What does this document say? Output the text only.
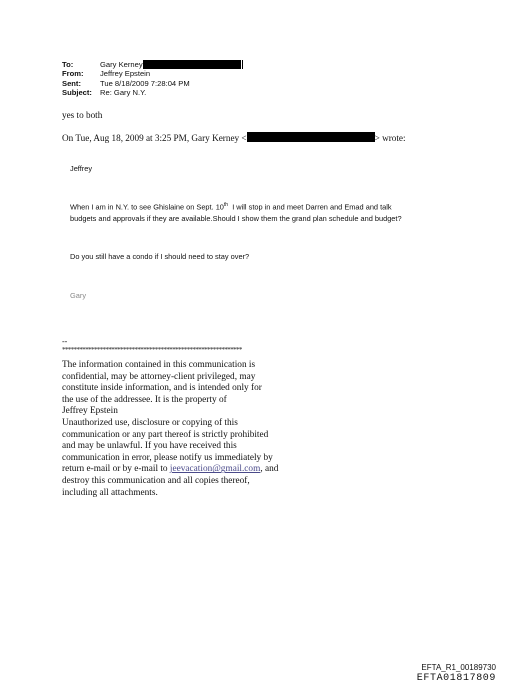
To:	Gary Kerney
From:	Jeffrey Epstein
Sent:	Tue 8/18/2009 7:28:04 PM
Subject:	Re: Gary N.Y.
yes to both
On Tue, Aug 18, 2009 at 3:25 PM, Gary Kerney <	> wrote:
Jeffrey
When I am in N.Y. to see Ghislaine on Sept. 10th  I will stop in and meet Darren and Emad and talk
budgets and approvals if they are available.Should I show them the grand plan schedule and budget?
Do you still have a condo if I should need to stay over?
Gary
--
**************************************************************
The information contained in this communication is
confidential, may be attorney-client privileged, may
constitute inside information, and is intended only for
the use of the addressee. It is the property of
Jeffrey Epstein
Unauthorized use, disclosure or copying of this
communication or any part thereof is strictly prohibited
and may be unlawful. If you have received this
communication in error, please notify us immediately by
return e-mail or by e-mail to jeevacation@gmail.com, and
destroy this communication and all copies thereof,
including all attachments.
EFTA_R1_00189730
EFTA01817809
